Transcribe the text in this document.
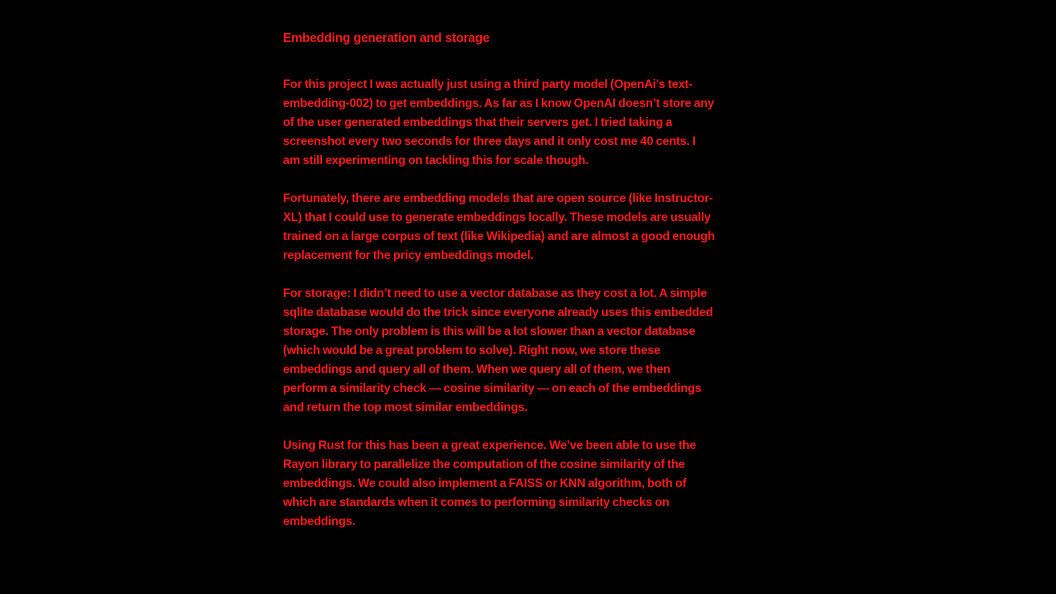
Embedding generation and storage

For this project I was actually just using a third party model (OpenAi’s text-embedding-002) to get embeddings. As far as I know OpenAI doesn’t store any of the user generated embeddings that their servers get. I tried taking a screenshot every two seconds for three days and it only cost me 40 cents. I am still experimenting on tackling this for scale though.

Fortunately, there are embedding models that are open source (like Instructor-XL) that I could use to generate embeddings locally. These models are usually trained on a large corpus of text (like Wikipedia) and are almost a good enough replacement for the pricy embeddings model.

For storage: I didn’t need to use a vector database as they cost a lot. A simple sqlite database would do the trick since everyone already uses this embedded storage. The only problem is this will be a lot slower than a vector database (which would be a great problem to solve). Right now, we store these embeddings and query all of them. When we query all of them, we then perform a similarity check — cosine similarity — on each of the embeddings and return the top most similar embeddings.

Using Rust for this has been a great experience. We’ve been able to use the Rayon library to parallelize the computation of the cosine similarity of the embeddings. We could also implement a FAISS or KNN algorithm, both of which are standards when it comes to performing similarity checks on embeddings.
